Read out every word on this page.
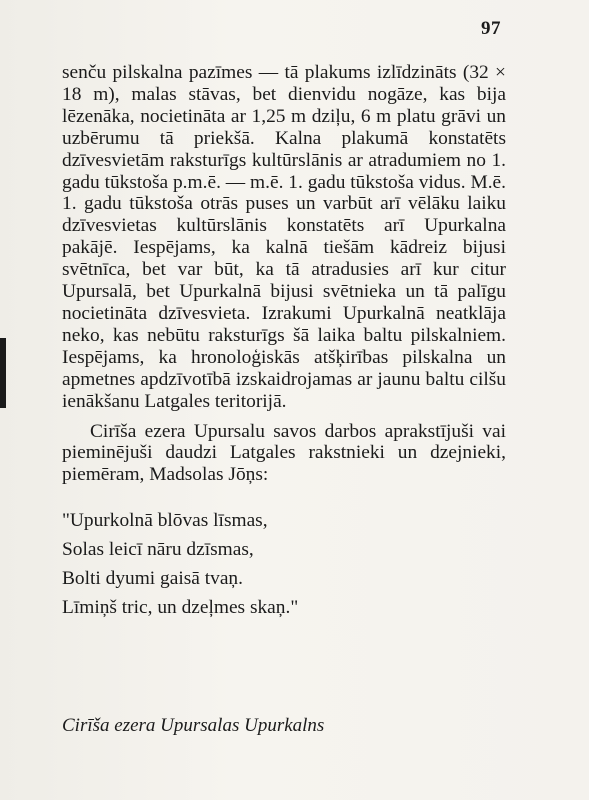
97

senču pilskalna pazīmes — tā plakums izlīdzināts (32 × 18 m), malas stāvas, bet dienvidu nogāze, kas bija lēzenāka, nocietināta ar 1,25 m dziļu, 6 m platu grāvi un uzbērumu tā priekšā. Kalna plakumā konstatēts dzīvesvietām raksturīgs kultūrslānis ar atradumiem no 1. gadu tūkstoša p.m.ē. — m.ē. 1. gadu tūkstoša vidus. M.ē. 1. gadu tūkstoša otrās puses un varbūt arī vēlāku laiku dzīvesvietas kultūrslānis konstatēts arī Upurkalna pakājē. Iespējams, ka kalnā tiešām kādreiz bijusi svētnīca, bet var būt, ka tā atradusies arī kur citur Upursalā, bet Upurkalnā bijusi svētnieka un tā palīgu nocietināta dzīvesvieta. Izrakumi Upurkalnā neatklāja neko, kas nebūtu raksturīgs šā laika baltu pilskalniem. Iespējams, ka hronoloģiskās atšķirības pilskalna un apmetnes apdzīvotībā izskaidrojamas ar jaunu baltu cilšu ienākšanu Latgales teritorijā.

Cirīša ezera Upursalu savos darbos aprakstījuši vai pieminējuši daudzi Latgales rakstnieki un dzejnieki, piemēram, Madsolas Jōņs:

"Upurkolnā blōvas līsmas,
Solas leicī nāru dzīsmas,
Bolti dyumi gaisā tvaņ.
Līmiņš tric, un dzeļmes skaņ."
Cirīša ezera Upursalas Upurkalns
